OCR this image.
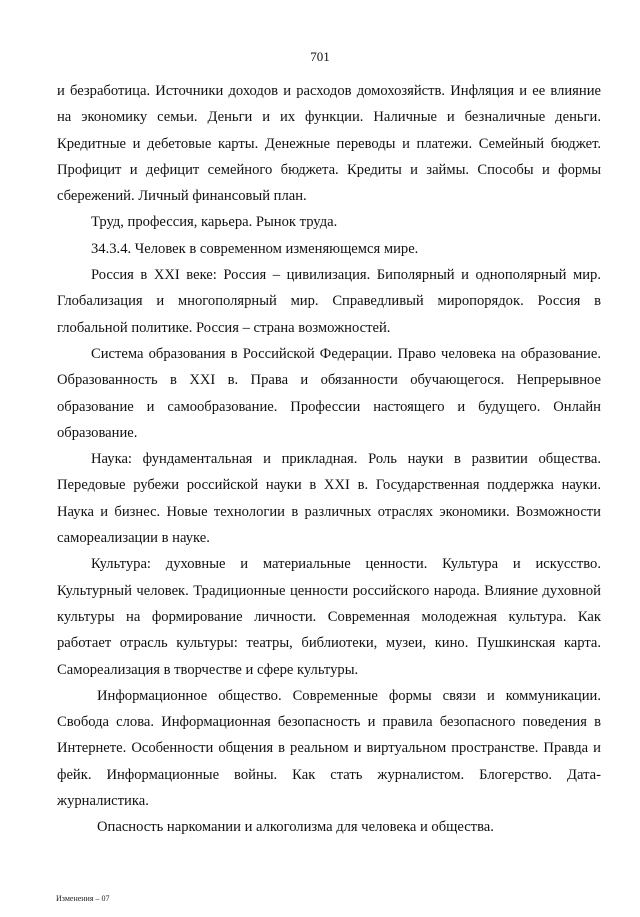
701

и безработица. Источники доходов и расходов домохозяйств. Инфляция и ее влияние на экономику семьи. Деньги и их функции. Наличные и безналичные деньги. Кредитные и дебетовые карты. Денежные переводы и платежи. Семейный бюджет. Профицит и дефицит семейного бюджета. Кредиты и займы. Способы и формы сбережений. Личный финансовый план.

Труд, профессия, карьера. Рынок труда.

34.3.4. Человек в современном изменяющемся мире.

Россия в XXI веке: Россия – цивилизация. Биполярный и однополярный мир. Глобализация и многополярный мир. Справедливый миропорядок. Россия в глобальной политике. Россия – страна возможностей.

Система образования в Российской Федерации. Право человека на образование. Образованность в XXI в. Права и обязанности обучающегося. Непрерывное образование и самообразование. Профессии настоящего и будущего. Онлайн образование.

Наука: фундаментальная и прикладная. Роль науки в развитии общества. Передовые рубежи российской науки в XXI в. Государственная поддержка науки. Наука и бизнес. Новые технологии в различных отраслях экономики. Возможности самореализации в науке.

Культура: духовные и материальные ценности. Культура и искусство. Культурный человек. Традиционные ценности российского народа. Влияние духовной культуры на формирование личности. Современная молодежная культура. Как работает отрасль культуры: театры, библиотеки, музеи, кино. Пушкинская карта. Самореализация в творчестве и сфере культуры.

Информационное общество. Современные формы связи и коммуникации. Свобода слова. Информационная безопасность и правила безопасного поведения в Интернете. Особенности общения в реальном и виртуальном пространстве. Правда и фейк. Информационные войны. Как стать журналистом. Блогерство. Дата-журналистика.

Опасность наркомании и алкоголизма для человека и общества.

Изменения – 07
